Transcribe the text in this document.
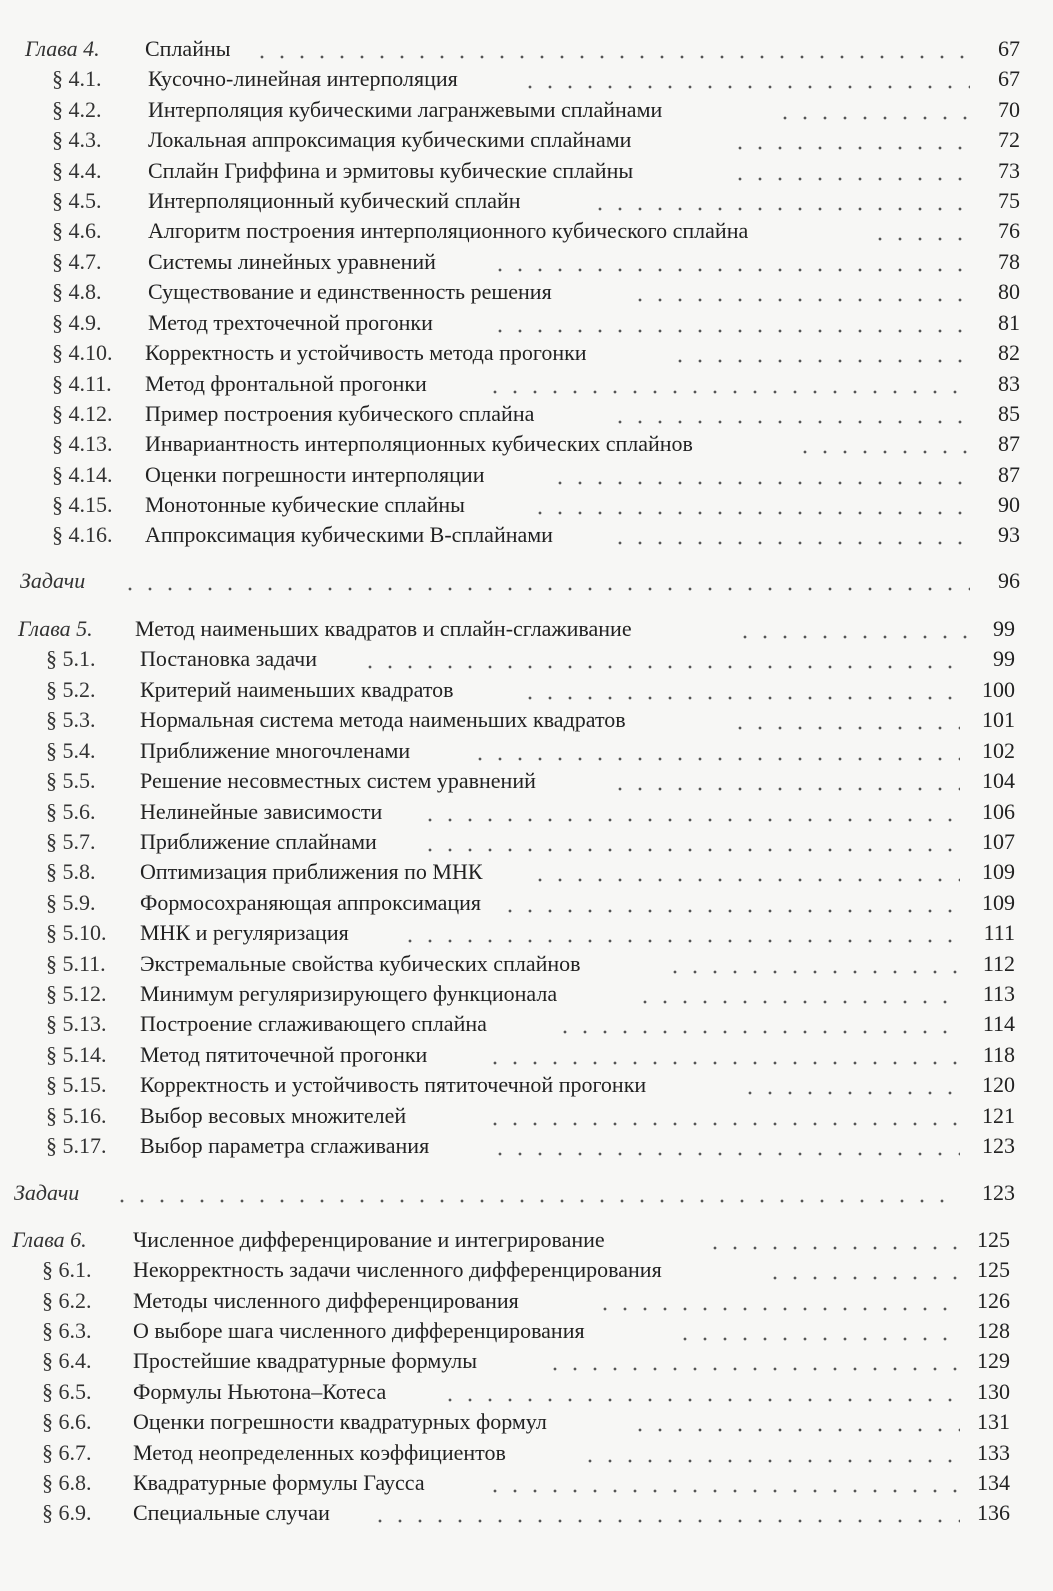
Глава 4. Сплайны	67
§ 4.1. Кусочно-линейная интерполяция	67
§ 4.2. Интерполяция кубическими лагранжевыми сплайнами	70
§ 4.3. Локальная аппроксимация кубическими сплайнами	72
§ 4.4. Сплайн Гриффина и эрмитовы кубические сплайны	73
§ 4.5. Интерполяционный кубический сплайн	75
§ 4.6. Алгоритм построения интерполяционного кубического сплайна	76
§ 4.7. Системы линейных уравнений	78
§ 4.8. Существование и единственность решения	80
§ 4.9. Метод трехточечной прогонки	81
§ 4.10. Корректность и устойчивость метода прогонки	82
§ 4.11. Метод фронтальной прогонки	83
§ 4.12. Пример построения кубического сплайна	85
§ 4.13. Инвариантность интерполяционных кубических сплайнов	87
§ 4.14. Оценки погрешности интерполяции	87
§ 4.15. Монотонные кубические сплайны	90
§ 4.16. Аппроксимация кубическими B-сплайнами	93
Задачи	96
Глава 5. Метод наименьших квадратов и сплайн-сглаживание	99
§ 5.1. Постановка задачи	99
§ 5.2. Критерий наименьших квадратов	100
§ 5.3. Нормальная система метода наименьших квадратов	101
§ 5.4. Приближение многочленами	102
§ 5.5. Решение несовместных систем уравнений	104
§ 5.6. Нелинейные зависимости	106
§ 5.7. Приближение сплайнами	107
§ 5.8. Оптимизация приближения по МНК	109
§ 5.9. Формосохраняющая аппроксимация	109
§ 5.10. МНК и регуляризация	111
§ 5.11. Экстремальные свойства кубических сплайнов	112
§ 5.12. Минимум регуляризирующего функционала	113
§ 5.13. Построение сглаживающего сплайна	114
§ 5.14. Метод пятиточечной прогонки	118
§ 5.15. Корректность и устойчивость пятиточечной прогонки	120
§ 5.16. Выбор весовых множителей	121
§ 5.17. Выбор параметра сглаживания	123
Задачи	123
Глава 6. Численное дифференцирование и интегрирование	125
§ 6.1. Некорректность задачи численного дифференцирования	125
§ 6.2. Методы численного дифференцирования	126
§ 6.3. О выборе шага численного дифференцирования	128
§ 6.4. Простейшие квадратурные формулы	129
§ 6.5. Формулы Ньютона–Котеса	130
§ 6.6. Оценки погрешности квадратурных формул	131
§ 6.7. Метод неопределенных коэффициентов	133
§ 6.8. Квадратурные формулы Гаусса	134
§ 6.9. Специальные случаи	136
